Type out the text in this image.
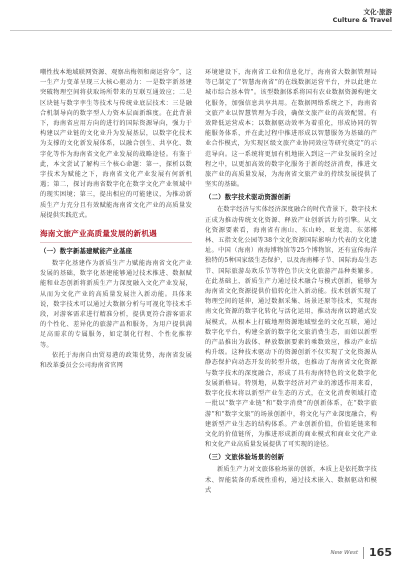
文化·旅游
Culture & Travel

嘲性找本地域联网资源、观察出梅领和商运营今”，这一生产力变革呈现三大核心驱动力：一是数字新基建突破物理空间将获取场所带来的互联互通效应；二是区块链与数字孪生等技术与传统业底层技术：三是融合机制导向的数字型人力资本层面新维度。在此背景下，海南省应用方向的进行的国际资源导向，强力于构建以产业链的文化业升为发展基层，以数字化技术为支撑的文化新发展体系，以融合创生、共享化、数字化等作为海南省文化产业发展的战略途径。有鉴于此，本文尝试了解构三个核心命题：第一，探析以数字技术为赋能之下，海南省文化产业发展有何新机遇；第二，探讨海南省数字化在数字文化产业领域中的现实困境；第三，提出相应的可能建议，为推动新质生产力充分且有效赋能海南省文化产业的高质量发展提供实践范式。

海南文旅产业高质量发展的新机遇
（一）数字新基建赋能产业基座

数字化基建作为新质生产力赋能海南省文化产业发展的基础，数字化基建能够通过技术推进、数据赋能和业态创新将新质生产力深度融入文化产业发展，从而为文化产业的高质量发展注入新动能。具体来说，数字技术可以通过大数据分析与可视化等技术手段，对游客需求进行精准分析，提供更符合游客需求的个性化、差异化的旅游产品和服务，为用户提供满足高需求的专属服务，如定制化行程、个性化推荐等。

依托于海南自由贸易港的政策优势，海南省发展和改革委员会公司海南省官网

环境建设下，海南省工业和信息化厅，海南省大数据管理局等已制定了“智慧海南省”的在线数据运营平台，并以此建立城市综合基本管”。该型数据体系将国有农业数据资源构建文化服务，加强信息共享共用。在数据网络系统之下，海南省文旅产业以智慧管理为手段，确保文旅产业的高效配置。有效降低运营成本；以数据驱动效率为着重化，形成协同的智能服务体系，并在此过程中推进形成以智慧服务为基础的产业合作模式，为实现区级文旅产业协同效应等研究奠定”的示范导向。这一系统将更加有机地嵌入到这一产业发展的全过程之中，以更加高效的数字化服务于新的经济消费，推进文旅产业的高质量发展，为海南省文旅产业的持续发展提供了坚实的基础。

（二）数字技术驱动资源创新

在数字经济与实体经济深度融合的时代背景下，数字技术正成为推动传统文化资源、释放产业创新活力的引擎。从文化资源要素看，海南省有南山、东山岭、亚龙湾、东郊椰林、五指文化公园等38个文化资源国际影响力代表的文化遗址。中国（海南）南海博物馆等25个博物馆，还有宣传海洋独特的5种国家级生态保护，以及海南椰子节、国际海岛生态节、国际旅游岛欢乐节等特色节庆文化旅游产品种类繁多。在此基础上，新质生产力通过技术融合与模式创新，能够为海南省文化资源提供价值转化注入新动能。技术创新实现了物理空间的延伸，通过数据采集、场景还原等技术，实现海南文化资源的数字化转化与活化运用，推动海南以跨越式发展模式，从根本上打破地理资源地域壁垒的文化互联，通过数字化平台，构建全新的数字化文旅消费生态，而如以新型的产品推出为载体、释放数据要素的乘数效应，推动产业结构升级。这种技术驱动下的资源创新不仅实现了文化资源从静态保护向动态开发的转型升级，也推动了海南省文化资源与数字技术的深度融合，形成了具有海南特色的文化数字化发展新格局。特别地，从数字经济对产业的渗透作用来看，数字化技术将以新型产业生态的方式，在文化消费领域打造一批以“数字产业链”和“数字消费”的创新体系，在“数字旅游”和“数字文旅”的场景创新中，将文化与产业深度融合，构建新型产业生态的结构体系。产业创新价值，价值延链来和文化的价值链所，为推进形成新的商业模式和商业文化产业和文化产业高质量发展提供了可实现的途径。

（三）文旅体验场景的创新

新质生产力对文旅体验场景的创新，本质上是依托数字技术、智能装备的系统性重构，通过技术嵌入、数据驱动和模式

New West 165
